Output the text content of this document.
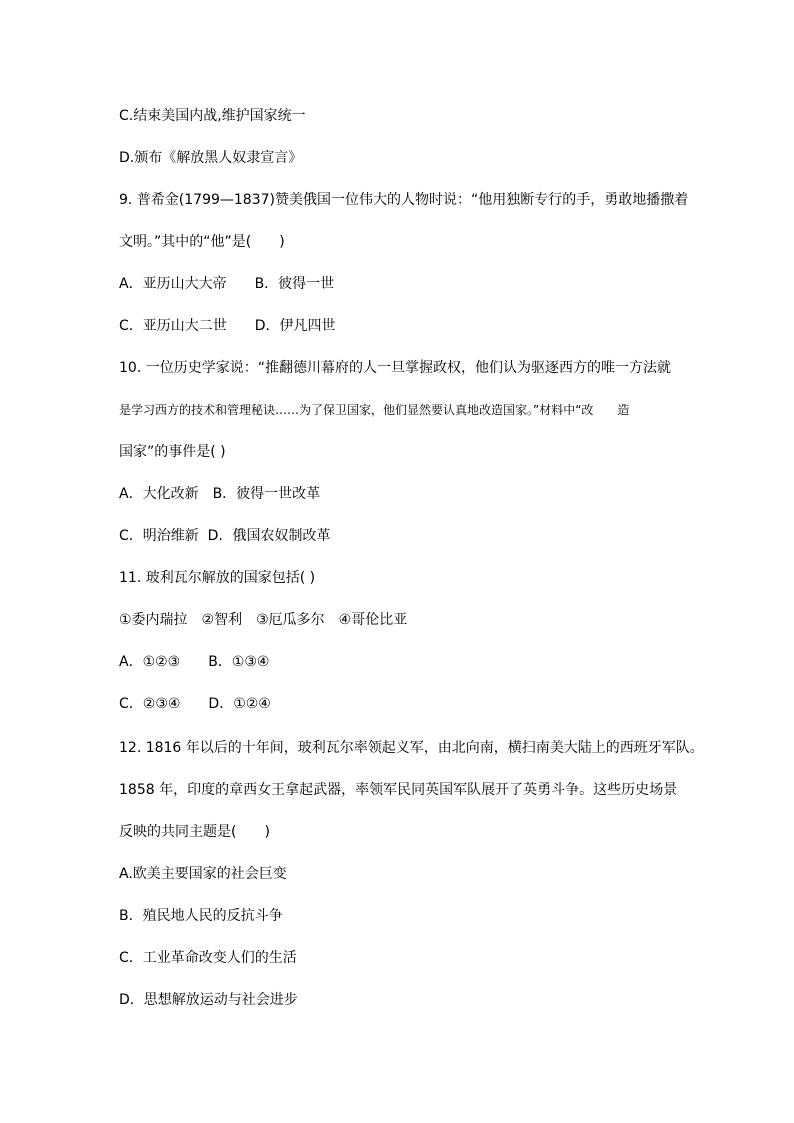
C.结束美国内战,维护国家统一
D.颁布《解放黑人奴隶宣言》
9. 普希金(1799—1837)赞美俄国一位伟大的人物时说：“他用独断专行的手，勇敢地播撒着
文明。”其中的“他”是(　　)
A．亚历山大大帝　　B．彼得一世
C．亚历山大二世　　D．伊凡四世
10. 一位历史学家说：“推翻德川幕府的人一旦掌握政权，他们认为驱逐西方的唯一方法就
是学习西方的技术和管理秘诀……为了保卫国家，他们显然要认真地改造国家。”材料中“改　　造
国家”的事件是( )
A．大化改新　B．彼得一世改革
C．明治维新  D．俄国农奴制改革
11. 玻利瓦尔解放的国家包括( )
①委内瑞拉　②智利　③厄瓜多尔　④哥伦比亚
A．①②③　　B．①③④
C．②③④　　D．①②④
12. 1816 年以后的十年间，玻利瓦尔率领起义军，由北向南，横扫南美大陆上的西班牙军队。
1858 年，印度的章西女王拿起武器，率领军民同英国军队展开了英勇斗争。这些历史场景
反映的共同主题是(　　)
A.欧美主要国家的社会巨变
B．殖民地人民的反抗斗争
C．工业革命改变人们的生活
D．思想解放运动与社会进步
